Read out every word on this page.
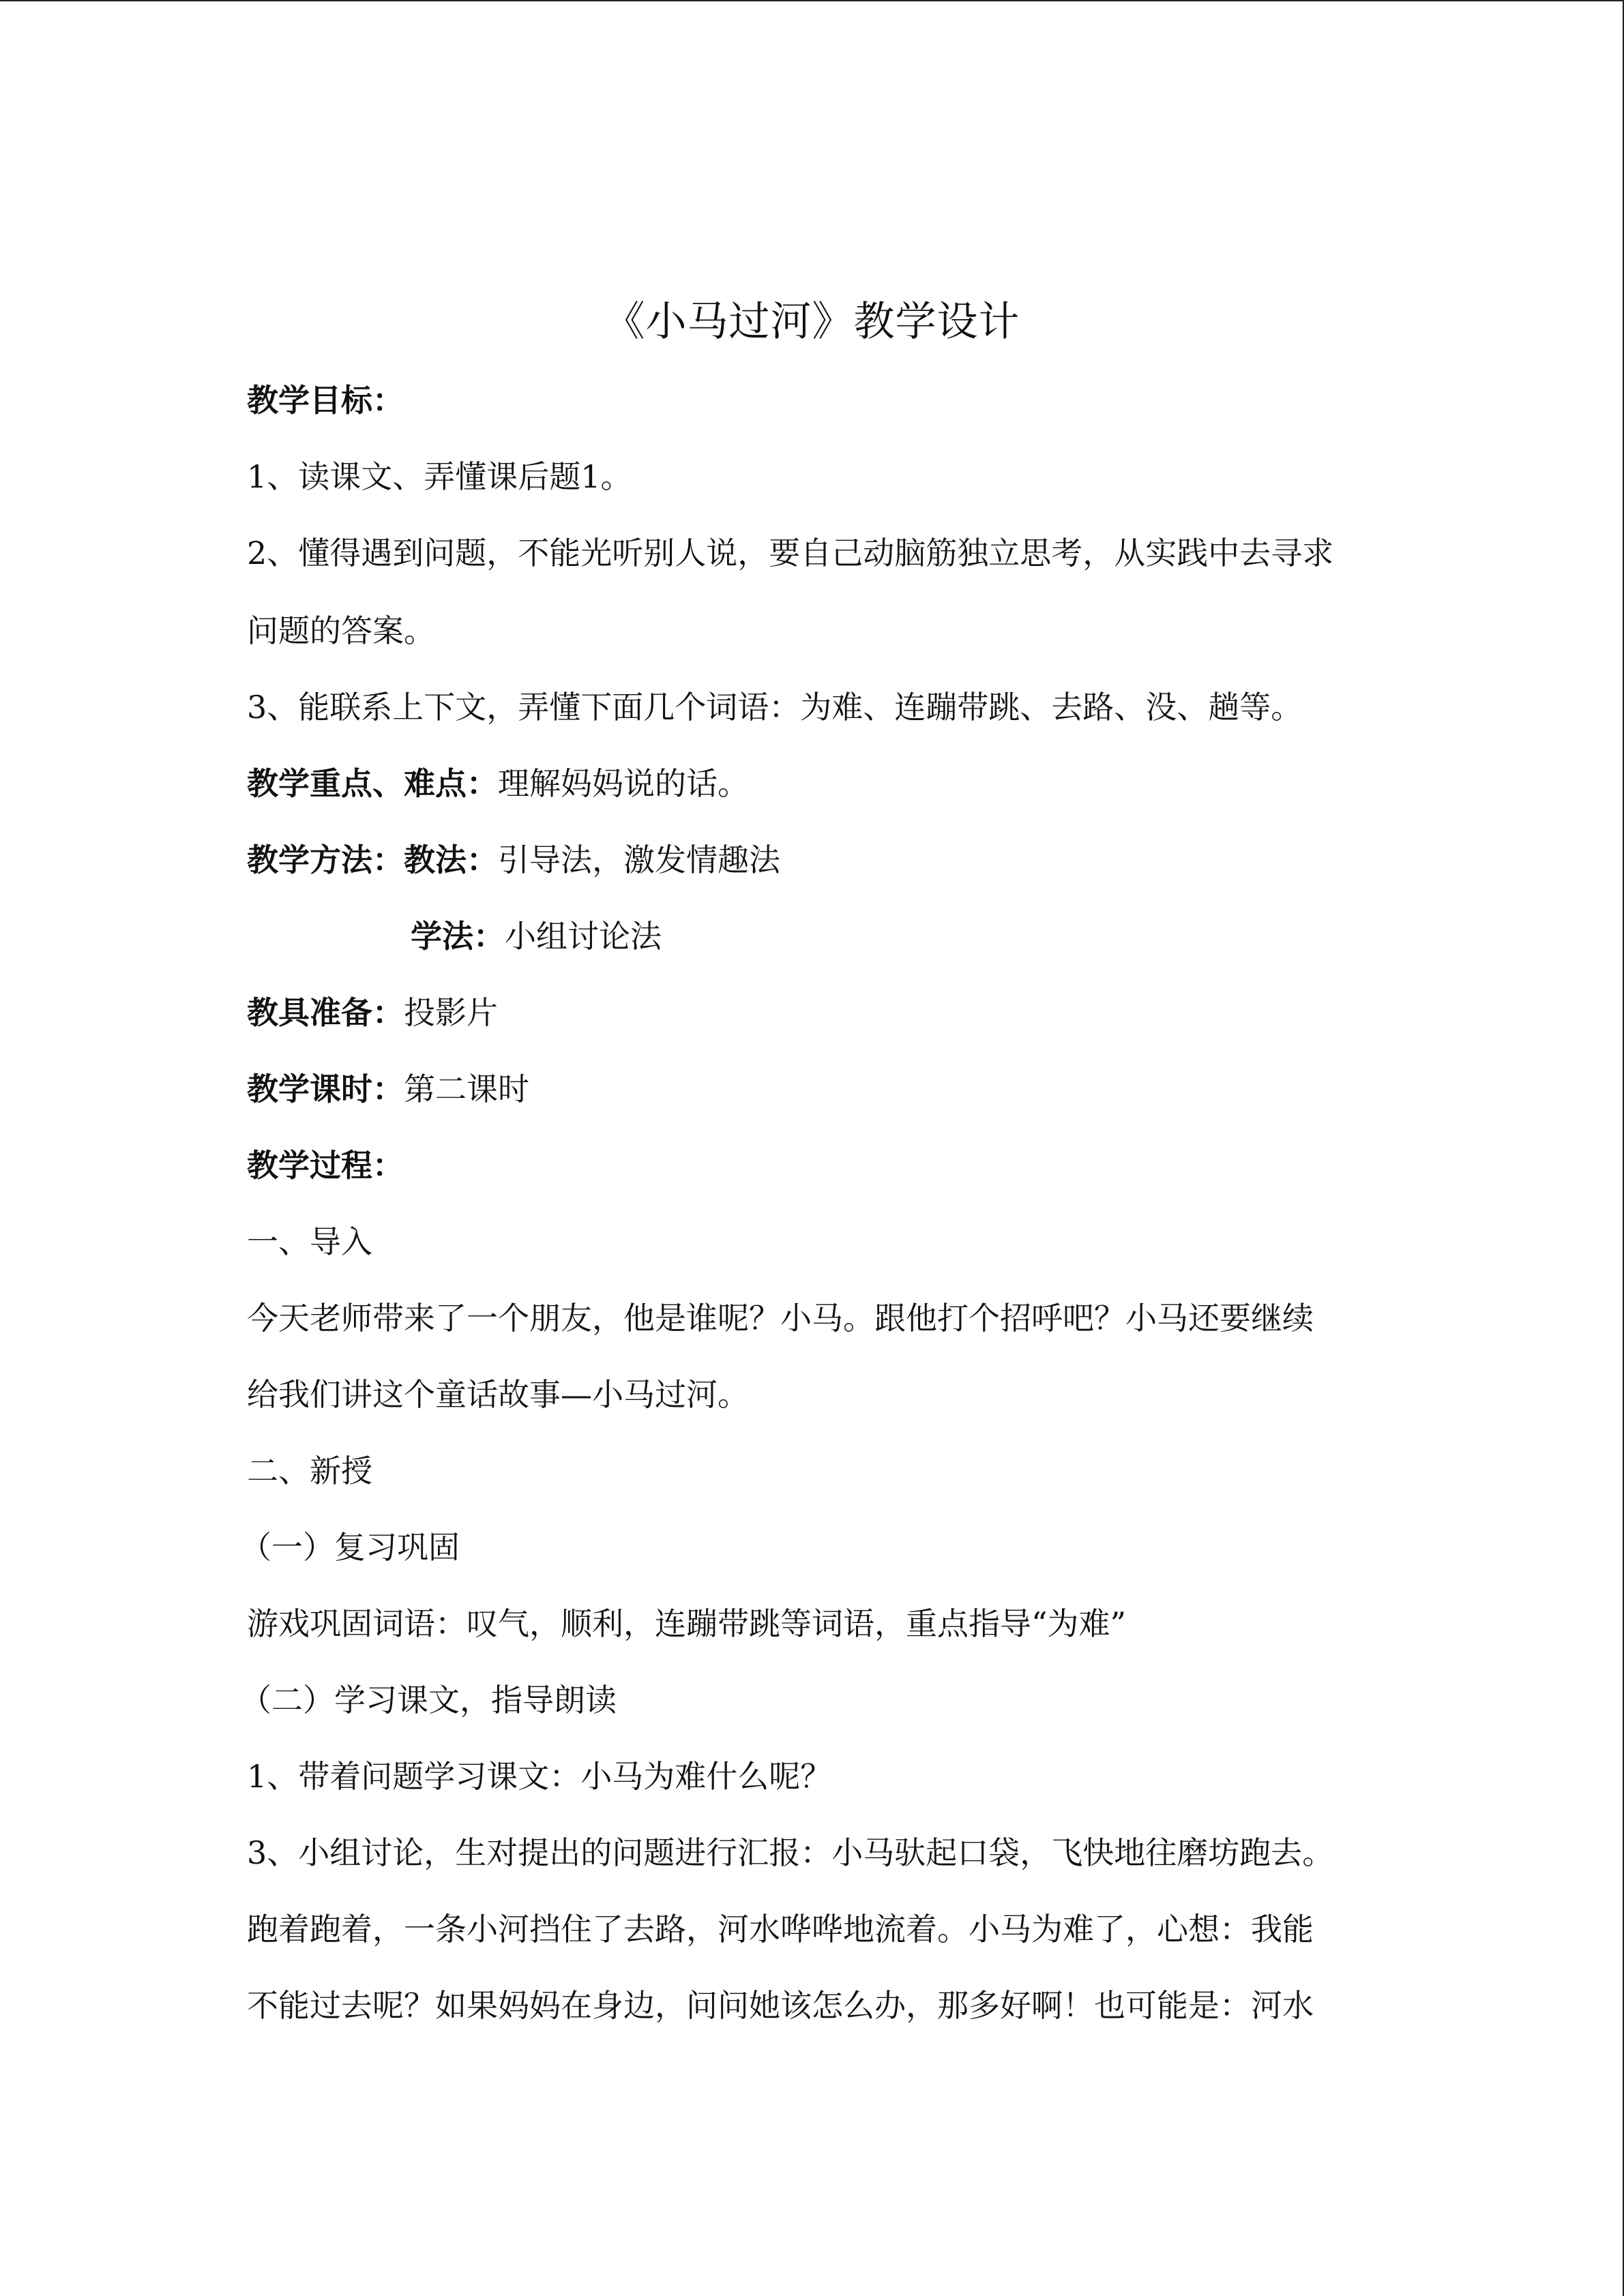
《小马过河》教学设计
教学目标：
1、读课文、弄懂课后题1。
2、懂得遇到问题，不能光听别人说，要自己动脑筋独立思考，从实践中去寻求
问题的答案。
3、能联系上下文，弄懂下面几个词语：为难、连蹦带跳、去路、没、趟等。
教学重点、难点：理解妈妈说的话。
教学方法：教法：引导法，激发情趣法
学法：小组讨论法
教具准备：投影片
教学课时：第二课时
教学过程：
一、导入
今天老师带来了一个朋友，他是谁呢？小马。跟他打个招呼吧？小马还要继续
给我们讲这个童话故事—小马过河。
二、新授
（一）复习巩固
游戏巩固词语：叹气，顺利，连蹦带跳等词语，重点指导“为难”
（二）学习课文，指导朗读
1、带着问题学习课文：小马为难什么呢？
3、小组讨论，生对提出的问题进行汇报：小马驮起口袋，飞快地往磨坊跑去。
跑着跑着，一条小河挡住了去路，河水哗哗地流着。小马为难了，心想：我能
不能过去呢？如果妈妈在身边，问问她该怎么办，那多好啊！也可能是：河水
